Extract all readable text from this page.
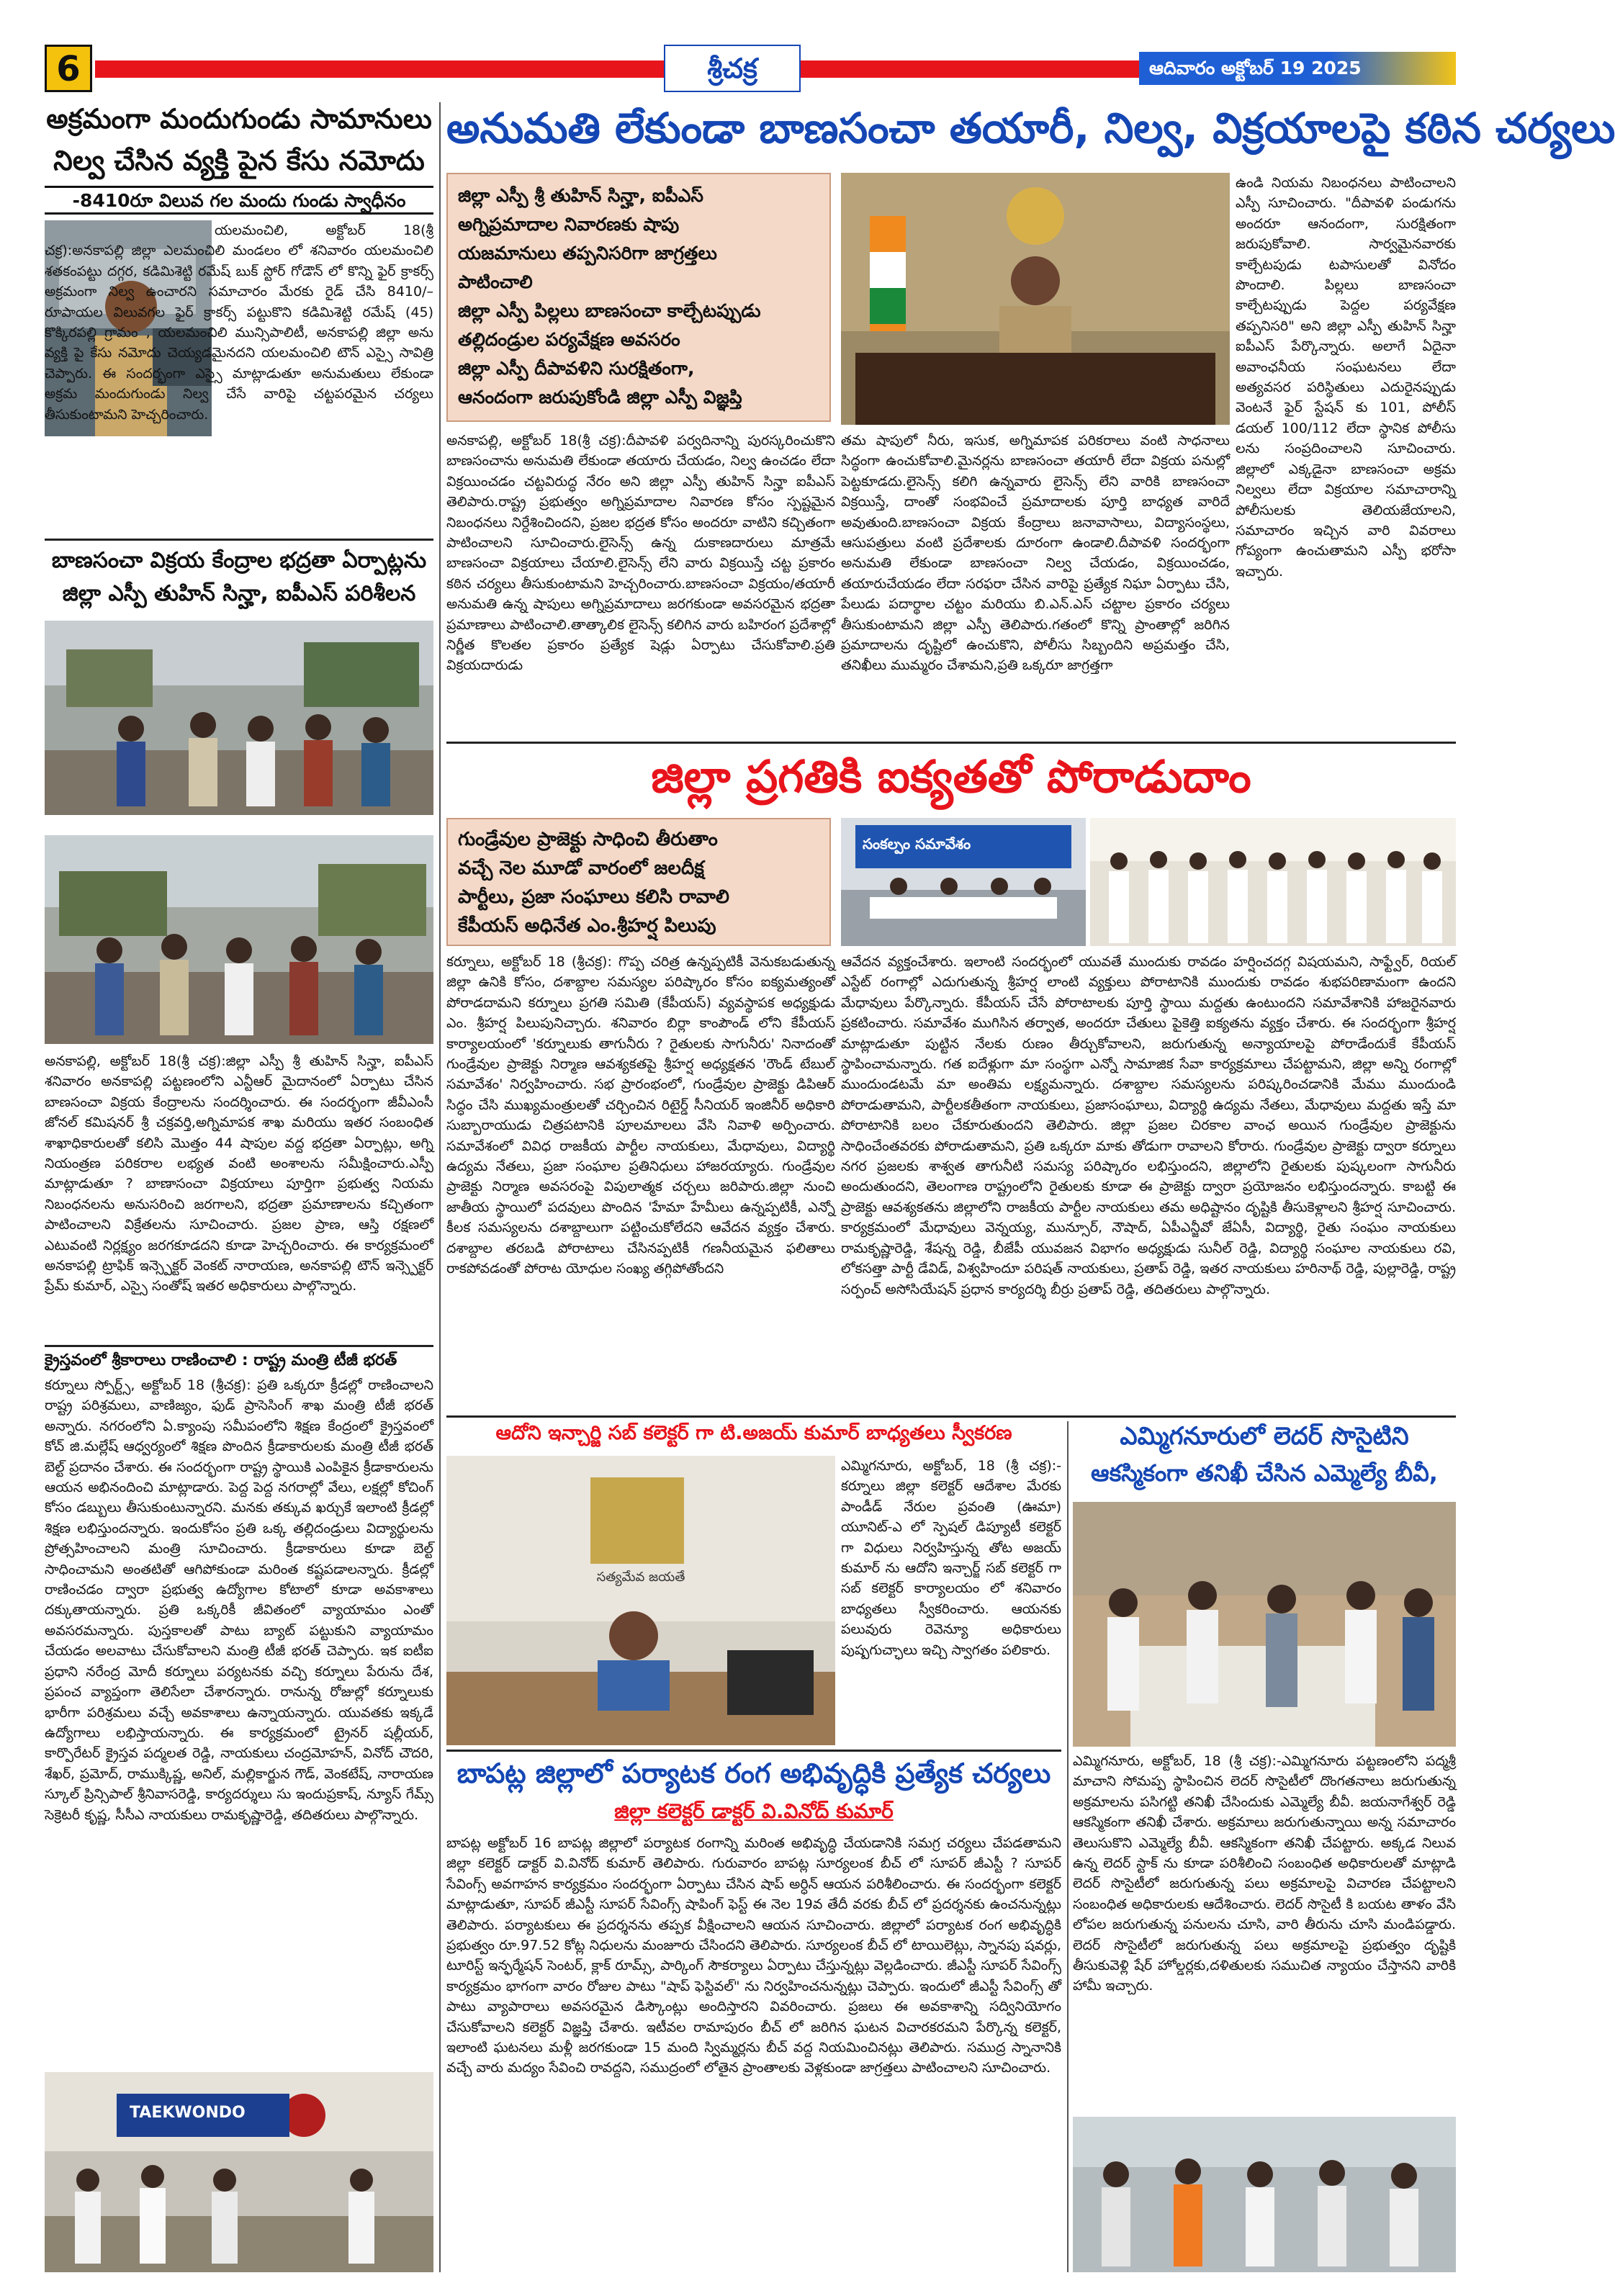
6	ఆదివారం అక్టోబర్ 19 2025
శ్రీచక్ర
అక్రమంగా మందుగుండు సామానులు
నిల్వ చేసిన వ్యక్తి పైన కేసు నమోదు
-8410రూ విలువ గల మందు గుండు స్వాధీనం
యలమంచిలి, అక్టోబర్ 18(శ్రీ చక్ర):అనకాపల్లి జిల్లా ఎలమంచిలి మండలం లో శనివారం యలమంచిలి శతకంపట్టు దగ్గర, కడిమిశెట్టి రమేష్ బుక్ స్టోర్ గోడౌన్ లో కొన్ని ఫైర్ క్రాకర్స్ అక్రమంగా నిల్వ ఉంచారని సమాచారం మేరకు రైడ్ చేసి 8410/– రూపాయల విలువగల ఫైర్ క్రాకర్స్ పట్టుకొని కడిమిశెట్టి రమేష్ (45) కొక్కిరపల్లి గ్రామం , యలమంచిలి మున్సిపాలిటీ, అనకాపల్లి జిల్లా అను వ్యక్తి పై కేసు నమోదు చెయ్యడమైనదని యలమంచిలి టౌన్ ఎస్సై సావిత్రి చెప్పారు. ఈ సందర్భంగా ఎస్సై మాట్లాడుతూ అనుమతులు లేకుండా అక్రమ మందుగుండు నిల్వ చేసే వారిపై చట్టపరమైన చర్యలు తీసుకుంటామని హెచ్చరించారు.
బాణసంచా విక్రయ కేంద్రాల భద్రతా ఏర్పాట్లను
జిల్లా ఎస్పీ తుహిన్ సిన్హా, ఐపీఎస్ పరిశీలన
అనకాపల్లి, అక్టోబర్ 18(శ్రీ చక్ర):జిల్లా ఎస్పీ శ్రీ తుహిన్ సిన్హా, ఐపీఎస్ శనివారం అనకాపల్లి పట్టణంలోని ఎన్టీఆర్ మైదానంలో ఏర్పాటు చేసిన బాణసంచా విక్రయ కేంద్రాలను సందర్శించారు. ఈ సందర్భంగా జీవీఎంసీ జోనల్ కమిషనర్ శ్రీ చక్రవర్తి,అగ్నిమాపక శాఖ మరియు ఇతర సంబంధిత శాఖాధికారులతో కలిసి మొత్తం 44 షాపుల వద్ద భద్రతా ఏర్పాట్లు, అగ్ని నియంత్రణ పరికరాల లభ్యత వంటి అంశాలను సమీక్షించారు.ఎస్పీ మాట్లాడుతూ ? బాణాసంచా విక్రయాలు పూర్తిగా ప్రభుత్వ నియమ నిబంధనలను అనుసరించి జరగాలని, భద్రతా ప్రమాణాలను కచ్చితంగా పాటించాలని విక్రేతలను సూచించారు. ప్రజల ప్రాణ, ఆస్తి రక్షణలో ఎటువంటి నిర్లక్ష్యం జరగకూడదని కూడా హెచ్చరించారు. ఈ కార్యక్రమంలో అనకాపల్లి ట్రాఫిక్ ఇన్స్పెక్టర్ వెంకట్ నారాయణ, అనకాపల్లి టౌన్ ఇన్స్పెక్టర్ ప్రేమ్ కుమార్, ఎస్సై సంతోష్ ఇతర అధికారులు పాల్గొన్నారు.
క్రైస్తవంలో శ్రీకారాలు రాణించాలి : రాష్ట్ర మంత్రి టీజీ భరత్
కర్నూలు స్పోర్ట్స్, అక్టోబర్ 18 (శ్రీచక్ర): ప్రతి ఒక్కరూ క్రీడల్లో రాణించాలని రాష్ట్ర పరిశ్రమలు, వాణిజ్యం, ఫుడ్ ప్రాసెసింగ్ శాఖ మంత్రి టీజీ భరత్ అన్నారు. నగరంలోని ఏ.క్యాంపు సమీపంలోని శిక్షణ కేంద్రంలో క్రైస్తవంలో కోచ్ జి.మల్లేష్ ఆధ్వర్యంలో శిక్షణ పొందిన క్రీడాకారులకు మంత్రి టీజీ భరత్ బెల్ట్ ప్రదానం చేశారు. ఈ సందర్భంగా రాష్ట్ర స్థాయికి ఎంపికైన క్రీడాకారులను ఆయన అభినందించి మాట్లాడారు. పెద్ద పెద్ద నగరాల్లో వేలు, లక్షల్లో కోచింగ్ కోసం డబ్బులు తీసుకుంటున్నారని. మనకు తక్కువ ఖర్చుకే ఇలాంటి క్రీడల్లో శిక్షణ లభిస్తుందన్నారు. ఇందుకోసం ప్రతి ఒక్క తల్లిదండ్రులు విద్యార్థులను ప్రోత్సహించాలని మంత్రి సూచించారు. క్రీడాకారులు కూడా బెల్ట్ సాధించామని అంతటితో ఆగిపోకుండా మరింత కష్టపడాలన్నారు. క్రీడల్లో రాణించడం ద్వారా ప్రభుత్వ ఉద్యోగాల కోటాలో కూడా అవకాశాలు దక్కుతాయన్నారు. ప్రతి ఒక్కరికీ జీవితంలో వ్యాయామం ఎంతో అవసరమన్నారు. పుస్తకాలతో పాటు బ్యాట్ పట్టుకుని వ్యాయామం చేయడం అలవాటు చేసుకోవాలని మంత్రి టీజీ భరత్ చెప్పారు. ఇక ఐటీఐ ప్రధాని నరేంద్ర మోదీ కర్నూలు పర్యటనకు వచ్చి కర్నూలు పేరును దేశ, ప్రపంచ వ్యాప్తంగా తెలిసేలా చేశారన్నారు. రానున్న రోజుల్లో కర్నూలుకు భారీగా పరిశ్రమలు వచ్చే అవకాశాలు ఉన్నాయన్నారు. యువతకు ఇక్కడే ఉద్యోగాలు లభిస్తాయన్నారు. ఈ కార్యక్రమంలో ట్రైనర్ షల్లీయర్, కార్పొరేటర్ క్రైస్తవ పద్మలత రెడ్డి, నాయకులు చంద్రమోహన్, వినోద్ చౌదరి, శేఖర్, ప్రమోద్, రాముక్కిష్ణ, అనిల్, మల్లికార్జున గౌడ్, వెంకటేష్, నారాయణ స్కూల్ ప్రిన్సిపాల్ శ్రీనివాసరెడ్డి, కార్యదర్శులు సు ఇందుప్రకాష్, న్యూస్ గేమ్స్ సెక్రెటరీ కృష్ణ, సీసీఎ నాయకులు రామకృష్ణారెడ్డి, తదితరులు పాల్గొన్నారు.
TAEKWONDO
అనుమతి లేకుండా బాణసంచా తయారీ, నిల్వ, విక్రయాలపై కఠిన చర్యలు
జిల్లా ఎస్పీ శ్రీ తుహిన్ సిన్హా, ఐపీఎస్
అగ్నిప్రమాదాల నివారణకు షాపు
యజమానులు తప్పనిసరిగా జాగ్రత్తలు
పాటించాలి
జిల్లా ఎస్పీ పిల్లలు బాణసంచా కాల్చేటప్పుడు
తల్లిదండ్రుల పర్యవేక్షణ అవసరం
జిల్లా ఎస్పీ దీపావళిని సురక్షితంగా,
ఆనందంగా జరుపుకోండి జిల్లా ఎస్పీ విజ్ఞప్తి
అనకాపల్లి, అక్టోబర్ 18(శ్రీ చక్ర):దీపావళి పర్వదినాన్ని పురస్కరించుకొని బాణసంచాను అనుమతి లేకుండా తయారు చేయడం, నిల్వ ఉంచడం లేదా విక్రయించడం చట్టవిరుద్ధ నేరం అని జిల్లా ఎస్పీ తుహిన్ సిన్హా ఐపీఎస్ తెలిపారు.రాష్ట్ర ప్రభుత్వం అగ్నిప్రమాదాల నివారణ కోసం స్పష్టమైన నిబంధనలు నిర్దేశించిందని, ప్రజల భద్రత కోసం అందరూ వాటిని కచ్చితంగా పాటించాలని సూచించారు.లైసెన్స్ ఉన్న దుకాణదారులు మాత్రమే బాణసంచా విక్రయాలు చేయాలి.లైసెన్స్ లేని వారు విక్రయిస్తే చట్ట ప్రకారం కఠిన చర్యలు తీసుకుంటామని హెచ్చరించారు.బాణసంచా విక్రయం/తయారీ అనుమతి ఉన్న షాపులు అగ్నిప్రమాదాలు జరగకుండా అవసరమైన భద్రతా ప్రమాణాలు పాటించాలి.తాత్కాలిక లైసెన్స్ కలిగిన వారు బహిరంగ ప్రదేశాల్లో నిర్ణీత కొలతల ప్రకారం ప్రత్యేక షెడ్లు ఏర్పాటు చేసుకోవాలి.ప్రతి విక్రయదారుడు
తమ షాపులో నీరు, ఇసుక, అగ్నిమాపక పరికరాలు వంటి సాధనాలు సిద్ధంగా ఉంచుకోవాలి.మైనర్లను బాణసంచా తయారీ లేదా విక్రయ పనుల్లో పెట్టకూడదు.లైసెన్స్ కలిగి ఉన్నవారు లైసెన్స్ లేని వారికి బాణసంచా విక్రయిస్తే, దాంతో సంభవించే ప్రమాదాలకు పూర్తి బాధ్యత వారిదే అవుతుంది.బాణసంచా విక్రయ కేంద్రాలు జనావాసాలు, విద్యాసంస్థలు, ఆసుపత్రులు వంటి ప్రదేశాలకు దూరంగా ఉండాలి.దీపావళి సందర్భంగా అనుమతి లేకుండా బాణసంచా నిల్వ చేయడం, విక్రయించడం, తయారుచేయడం లేదా సరఫరా చేసిన వారిపై ప్రత్యేక నిఘా ఏర్పాటు చేసి, పేలుడు పదార్థాల చట్టం మరియు బి.ఎన్.ఎస్ చట్టాల ప్రకారం చర్యలు తీసుకుంటామని జిల్లా ఎస్పీ తెలిపారు.గతంలో కొన్ని ప్రాంతాల్లో జరిగిన ప్రమాదాలను దృష్టిలో ఉంచుకొని, పోలీసు సిబ్బందిని అప్రమత్తం చేసి, తనిఖీలు ముమ్మరం చేశామని,ప్రతి ఒక్కరూ జాగ్రత్తగా
ఉండి నియమ నిబంధనలు పాటించాలని ఎస్పీ సూచించారు. "దీపావళి పండుగను అందరూ ఆనందంగా, సురక్షితంగా జరుపుకోవాలి. సార్వమైనవారకు కాల్చేటపుడు టపాసులతో వినోదం పొందాలి. పిల్లలు బాణసంచా కాల్చేటప్పుడు పెద్దల పర్యవేక్షణ తప్పనిసరి" అని జిల్లా ఎస్పీ తుహిన్ సిన్హా ఐపీఎస్ పేర్కొన్నారు. అలాగే ఏదైనా అవాంఛనీయ సంఘటనలు లేదా అత్యవసర పరిస్థితులు ఎదురైనప్పుడు వెంటనే ఫైర్ స్టేషన్ కు 101, పోలీస్ డయల్ 100/112 లేదా స్థానిక పోలీసు లను సంప్రదించాలని సూచించారు. జిల్లాలో ఎక్కడైనా బాణసంచా అక్రమ నిల్వలు లేదా విక్రయాల సమాచారాన్ని పోలీసులకు తెలియజేయాలని, సమాచారం ఇచ్చిన వారి వివరాలు గోప్యంగా ఉంచుతామని ఎస్పీ భరోసా ఇచ్చారు.
జిల్లా ప్రగతికి ఐక్యతతో పోరాడుదాం
గుండ్రేవుల ప్రాజెక్టు సాధించి తీరుతాం
వచ్చే నెల మూడో వారంలో జలదీక్ష
పార్టీలు, ప్రజా సంఘాలు కలిసి రావాలి
కేపీయస్ అధినేత ఎం.శ్రీహర్ష పిలుపు
సంకల్పం సమావేశం
కర్నూలు, అక్టోబర్ 18 (శ్రీచక్ర): గొప్ప చరిత్ర ఉన్నప్పటికీ వెనుకబడుతున్న జిల్లా ఉనికి కోసం, దశాబ్దాల సమస్యల పరిష్కారం కోసం ఐక్యమత్యంతో పోరాడదామని కర్నూలు ప్రగతి సమితి (కేపీయస్) వ్యవస్థాపక అధ్యక్షుడు ఎం. శ్రీహర్ష పిలుపునిచ్చారు. శనివారం బిర్లా కాంపౌండ్ లోని కేపీయస్ కార్యాలయంలో 'కర్నూలుకు తాగునీరు ? రైతులకు సాగునీరు' నినాదంతో గుండ్రేవుల ప్రాజెక్టు నిర్మాణ ఆవశ్యకతపై శ్రీహర్ష అధ్యక్షతన 'రౌండ్ టేబుల్ సమావేశం' నిర్వహించారు. సభ ప్రారంభంలో, గుండ్రేవుల ప్రాజెక్టు డిపిఆర్ సిద్ధం చేసి ముఖ్యమంత్రులతో చర్చించిన రిటైర్డ్ సీనియర్ ఇంజినీర్ అధికారి సుబ్బారాయుడు చిత్రపటానికి పూలమాలలు వేసి నివాళి అర్పించారు. సమావేశంలో వివిధ రాజకీయ పార్టీల నాయకులు, మేధావులు, విద్యార్థి ఉద్యమ నేతలు, ప్రజా సంఘాల ప్రతినిధులు హాజరయ్యారు. గుండ్రేవుల ప్రాజెక్టు నిర్మాణ అవసరంపై విపులాత్మక చర్చలు జరిపారు.జిల్లా నుంచి జాతీయ స్థాయిలో పదవులు పొందిన 'హేమా హేమీలు ఉన్నప్పటికీ, ఎన్నో కీలక సమస్యలను దశాబ్దాలుగా పట్టించుకోలేదని ఆవేదన వ్యక్తం చేశారు. దశాబ్దాల తరబడి పోరాటాలు చేసినప్పటికీ గణనీయమైన ఫలితాలు రాకపోవడంతో పోరాట యోధుల సంఖ్య తగ్గిపోతోందని
ఆవేదన వ్యక్తంచేశారు. ఇలాంటి సందర్భంలో యువతే ముందుకు రావడం హర్షించదగ్గ విషయమని, సాఫ్ట్వేర్, రియల్ ఎస్టేట్ రంగాల్లో ఎదుగుతున్న శ్రీహర్ష లాంటి వ్యక్తులు పోరాటానికి ముందుకు రావడం శుభపరిణామంగా ఉందని మేధావులు పేర్కొన్నారు. కేపీయస్ చేసే పోరాటాలకు పూర్తి స్థాయి మద్దతు ఉంటుందని సమావేశానికి హాజరైనవారు ప్రకటించారు. సమావేశం ముగిసిన తర్వాత, అందరూ చేతులు పైకెత్తి ఐక్యతను వ్యక్తం చేశారు. ఈ సందర్భంగా శ్రీహర్ష మాట్లాడుతూ పుట్టిన నేలకు రుణం తీర్చుకోవాలని, జరుగుతున్న అన్యాయాలపై పోరాడేందుకే కేపీయస్ స్థాపించామన్నారు. గత ఐదేళ్లుగా మా సంస్థగా ఎన్నో సామాజిక సేవా కార్యక్రమాలు చేపట్టామని, జిల్లా అన్ని రంగాల్లో ముందుండటమే మా అంతిమ లక్ష్యమన్నారు. దశాబ్దాల సమస్యలను పరిష్కరించడానికి మేము ముందుండి పోరాడుతామని, పార్టీలకతీతంగా నాయకులు, ప్రజాసంఘాలు, విద్యార్థి ఉద్యమ నేతలు, మేధావులు మద్దతు ఇస్తే మా పోరాటానికి బలం చేకూరుతుందని తెలిపారు. జిల్లా ప్రజల చిరకాల వాంఛ అయిన గుండ్రేవుల ప్రాజెక్టును సాధించేంతవరకు పోరాడుతామని, ప్రతి ఒక్కరూ మాకు తోడుగా రావాలని కోరారు. గుండ్రేవుల ప్రాజెక్టు ద్వారా కర్నూలు నగర ప్రజలకు శాశ్వత తాగునీటి సమస్య పరిష్కారం లభిస్తుందని, జిల్లాలోని రైతులకు పుష్కలంగా సాగునీరు అందుతుందని, తెలంగాణ రాష్ట్రంలోని రైతులకు కూడా ఈ ప్రాజెక్టు ద్వారా ప్రయోజనం లభిస్తుందన్నారు. కాబట్టి ఈ ప్రాజెక్టు ఆవశ్యకతను జిల్లాలోని రాజకీయ పార్టీల నాయకులు తమ అధిష్టానం దృష్టికి తీసుకెళ్లాలని శ్రీహర్ష సూచించారు. కార్యక్రమంలో మేధావులు వెన్నయ్య, మున్సూర్, నౌషాద్, ఏపీఎన్జీవో జేఏసీ, విద్యార్థి, రైతు సంఘం నాయకులు రామకృష్ణారెడ్డి, శేషన్న రెడ్డి, బీజేపీ యువజన విభాగం అధ్యక్షుడు సునీల్ రెడ్డి, విద్యార్థి సంఘాల నాయకులు రవి, లోకసత్తా పార్టీ డేవిడ్, విశ్వహిందూ పరిషత్ నాయకులు, ప్రతాప్ రెడ్డి, ఇతర నాయకులు హరినాథ్ రెడ్డి, పుల్లారెడ్డి, రాష్ట్ర సర్పంచ్ అసోసియేషన్ ప్రధాన కార్యదర్శి బీర్రు ప్రతాప్ రెడ్డి, తదితరులు పాల్గొన్నారు.
ఆదోని ఇన్చార్జి సబ్ కలెక్టర్ గా టి.అజయ్ కుమార్ బాధ్యతలు స్వీకరణ
సత్యమేవ జయతే
ఎమ్మిగనూరు, అక్టోబర్, 18 (శ్రీ చక్ర):-కర్నూలు జిల్లా కలెక్టర్ ఆదేశాల మేరకు పాండీడ్ నేరుల ప్రవంతి (ఊమా) యూనిట్-ఎ లో స్పెషల్ డిప్యూటీ కలెక్టర్ గా విధులు నిర్వహిస్తున్న తోట అజయ్ కుమార్ ను ఆదోని ఇన్చార్జ్ సబ్ కలెక్టర్ గా సబ్ కలెక్టర్ కార్యాలయం లో శనివారం బాధ్యతలు స్వీకరించారు. ఆయనకు పలువురు రెవెన్యూ అధికారులు పుష్పగుచ్ఛాలు ఇచ్చి స్వాగతం పలికారు.
ఎమ్మిగనూరులో లెదర్ సొసైటిని
ఆకస్మికంగా తనిఖీ చేసిన ఎమ్మెల్యే బీవీ,
ఎమ్మిగనూరు, అక్టోబర్, 18 (శ్రీ చక్ర):-ఎమ్మిగనూరు పట్టణంలోని పద్మశ్రీ మాచాని సోమప్ప స్థాపించిన లెదర్ సొసైటీలో దొంగతనాలు జరుగుతున్న అక్రమాలను పసిగట్టి తనిఖీ చేసిందుకు ఎమ్మెల్యే బీవీ. జయనాగేశ్వర్ రెడ్డి ఆకస్మికంగా తనిఖీ చేశారు. అక్రమాలు జరుగుతున్నాయి అన్న సమాచారం తెలుసుకొని ఎమ్మెల్యే బీవీ. ఆకస్మికంగా తనిఖీ చేపట్టారు. అక్కడ నిలువ ఉన్న లెదర్ స్టాక్ ను కూడా పరిశీలించి సంబంధిత అధికారులతో మాట్లాడి లెదర్ సొసైటీలో జరుగుతున్న పలు అక్రమాలపై విచారణ చేపట్టాలని సంబంధిత అధికారులకు ఆదేశించారు. లెదర్ సొసైటీ కి బయట తాళం వేసి లోపల జరుగుతున్న పనులను చూసి, వారి తీరును చూసి మండిపడ్డారు. లెదర్ సొసైటీలో జరుగుతున్న పలు అక్రమాలపై ప్రభుత్వం దృష్టికి తీసుకువెళ్లి షేర్ హోల్డర్లకు,దళితులకు సముచిత న్యాయం చేస్తానని వారికి హామీ ఇచ్చారు.
బాపట్ల జిల్లాలో పర్యాటక రంగ అభివృద్ధికి ప్రత్యేక చర్యలు
జిల్లా కలెక్టర్ డాక్టర్ వి.వినోద్ కుమార్
బాపట్ల అక్టోబర్ 16 బాపట్ల జిల్లాలో పర్యాటక రంగాన్ని మరింత అభివృద్ధి చేయడానికి సమగ్ర చర్యలు చేపడతామని జిల్లా కలెక్టర్ డాక్టర్ వి.వినోద్ కుమార్ తెలిపారు. గురువారం బాపట్ల సూర్యలంక బీచ్ లో సూపర్ జీఎస్టీ ? సూపర్ సేవింగ్స్ అవగాహన కార్యక్రమం సందర్భంగా ఏర్పాటు చేసిన షాప్ అర్ధిన్ ఆయన పరిశీలించారు. ఈ సందర్భంగా కలెక్టర్ మాట్లాడుతూ, సూపర్ జీఎస్టీ సూపర్ సేవింగ్స్ షాపింగ్ ఫెస్ట్ ఈ నెల 19వ తేదీ వరకు బీచ్ లో ప్రదర్శనకు ఉంచనున్నట్లు తెలిపారు. పర్యాటకులు ఈ ప్రదర్శనను తప్పక వీక్షించాలని ఆయన సూచించారు. జిల్లాలో పర్యాటక రంగ అభివృద్ధికి ప్రభుత్వం రూ.97.52 కోట్ల నిధులను మంజూరు చేసిందని తెలిపారు. సూర్యలంక బీచ్ లో టాయిలెట్లు, స్నానపు షవర్లు, టూరిస్ట్ ఇన్ఫర్మేషన్ సెంటర్, క్లాక్ రూమ్స్, పార్కింగ్ సౌకర్యాలు ఏర్పాటు చేస్తున్నట్లు వెల్లడించారు. జీఎస్టీ సూపర్ సేవింగ్స్ కార్యక్రమం భాగంగా వారం రోజుల పాటు "షాప్ ఫెస్టివల్" ను నిర్వహించనున్నట్లు చెప్పారు. ఇందులో జీఎస్టీ సేవింగ్స్ తో పాటు వ్యాపారాలు అవసరమైన డిస్కౌంట్లు అందిస్తారని వివరించారు. ప్రజలు ఈ అవకాశాన్ని సద్వినియోగం చేసుకోవాలని కలెక్టర్ విజ్ఞప్తి చేశారు. ఇటీవల రామాపురం బీచ్ లో జరిగిన ఘటన విచారకరమని పేర్కొన్న కలెక్టర్, ఇలాంటి ఘటనలు మళ్లీ జరగకుండా 15 మంది స్విమ్మర్లను బీచ్ వద్ద నియమించినట్లు తెలిపారు. సముద్ర స్నానానికి వచ్చే వారు మద్యం సేవించి రావద్దని, సముద్రంలో లోతైన ప్రాంతాలకు వెళ్లకుండా జాగ్రత్తలు పాటించాలని సూచించారు.
